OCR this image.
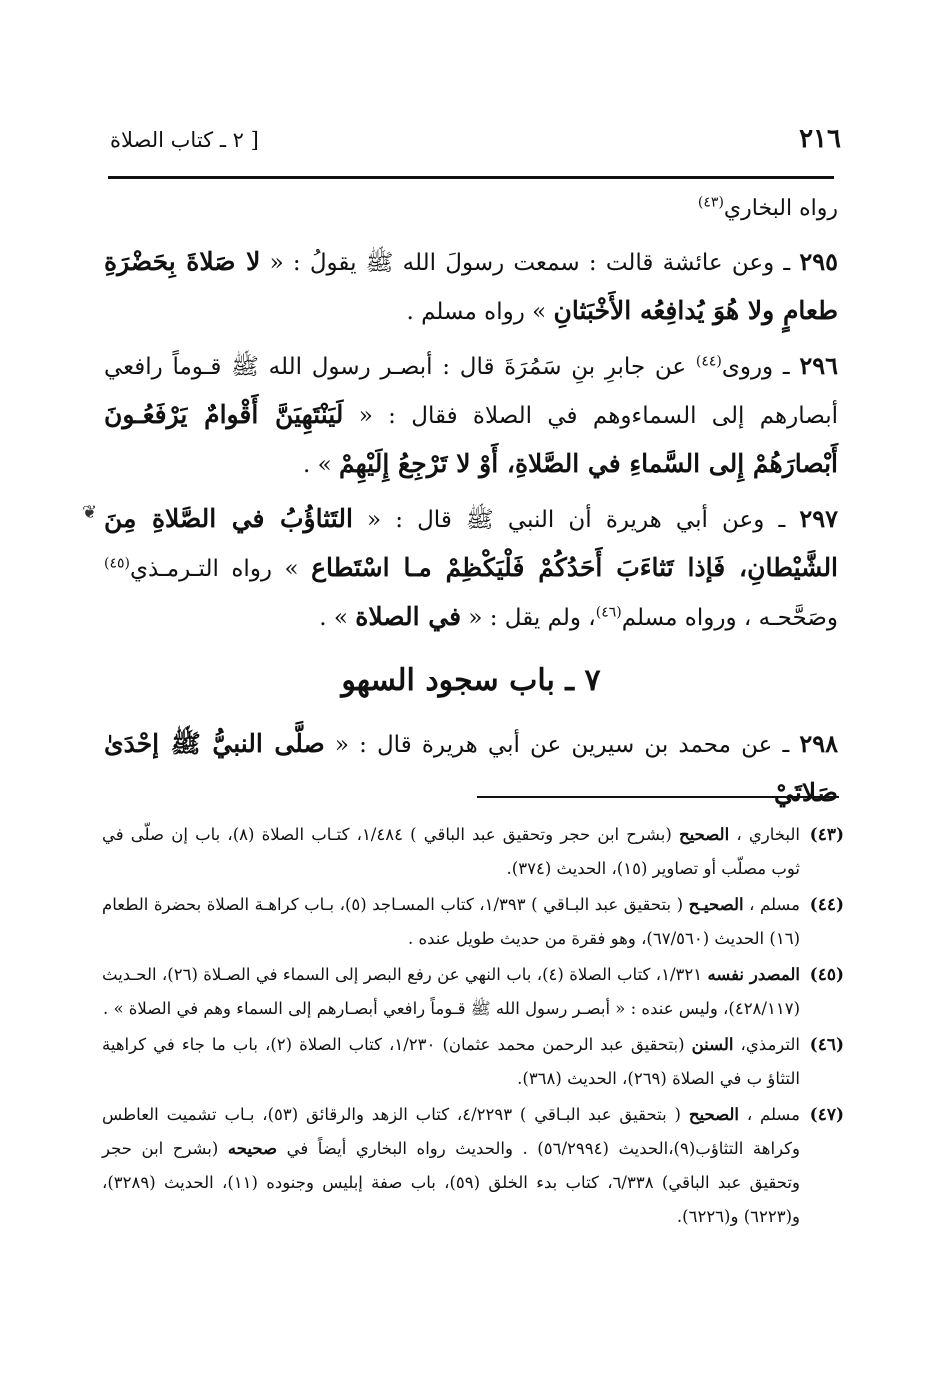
٢١٦
[ ٢ ـ كتاب الصلاة
❦

رواه البخاري$^{(٤٣)}$

٢٩٥ ـ وعن عائشة قالت : سمعت رسولَ الله ﷺ يقولُ : « لا صَلاةَ بِحَضْرَةِ طعامٍ ولا هُوَ يُدافِعُه الأَخْبَثانِ » رواه مسلم .

٢٩٦ ـ وروى$^{(٤٤)}$ عن جابرِ بنِ سَمُرَةَ قال : أبصـر رسول الله ﷺ قـوماً رافعي أبصارهم إلى السماءوهم في الصلاة فقال : « لَيَنْتَهِيَنَّ أَقْوامٌ يَرْفَعُـونَ أَبْصارَهُمْ إِلى السَّماءِ في الصَّلاةِ، أَوْ لا تَرْجِعُ إِلَيْهِمْ » .

٢٩٧ ـ وعن أبي هريرة أن النبي ﷺ قال : « التَثاؤُبُ في الصَّلاةِ مِنَ الشَّيْطانِ، فَإذا تَثاءَبَ أَحَدُكُمْ فَلْيَكْظِمْ مـا اسْتَطاع » رواه التـرمـذي$^{(٤٥)}$ وصَحَّحـه ، ورواه مسلم$^{(٤٦)}$، ولم يقل : « في الصلاة » .

٧ ـ باب سجود السهو

٢٩٨ ـ عن محمد بن سيرين عن أبي هريرة قال : « صلَّى النبيُّ ﷺ إحْدَىٰ صَلاتَيْ

(٤٣)
البخاري ، الصحيح (بشرح ابن حجر وتحقيق عبد الباقي ) ١/٤٨٤، كتـاب الصلاة (٨)، باب إن صلّى في ثوب مصلّب أو تصاوير (١٥)، الحديث (٣٧٤).
(٤٤)
مسلم ، الصحيـح ( بتحقيق عبد البـاقي ) ١/٣٩٣، كتاب المسـاجد (٥)، بـاب كراهـة الصلاة بحضرة الطعام (١٦) الحديث (٦٧/٥٦٠)، وهو فقرة من حديث طويل عنده .
(٤٥)
المصدر نفسه ١/٣٢١، كتاب الصلاة (٤)، باب النهي عن رفع البصر إلى السماء في الصـلاة (٢٦)، الحـديث (٤٢٨/١١٧)، وليس عنده : « أبصـر رسول الله ﷺ قـوماً رافعي أبصـارهم إلى السماء وهم في الصلاة » .
(٤٦)
الترمذي، السنن (بتحقيق عبد الرحمن محمد عثمان) ١/٢٣٠، كتاب الصلاة (٢)، باب ما جاء في كراهية التثاؤ ب في الصلاة (٢٦٩)، الحديث (٣٦٨).
(٤٧)
مسلم ، الصحيح ( بتحقيق عبد البـاقي ) ٤/٢٢٩٣، كتاب الزهد والرقائق (٥٣)، بـاب تشميت العاطس وكراهة التثاؤب(٩)،الحديث (٥٦/٢٩٩٤) . والحديث رواه البخاري أيضاً في صحيحه (بشرح ابن حجر وتحقيق عبد الباقي) ٦/٣٣٨، كتاب بدء الخلق (٥٩)، باب صفة إبليس وجنوده (١١)، الحديث (٣٢٨٩)، و(٦٢٢٣) و(٦٢٢٦).
